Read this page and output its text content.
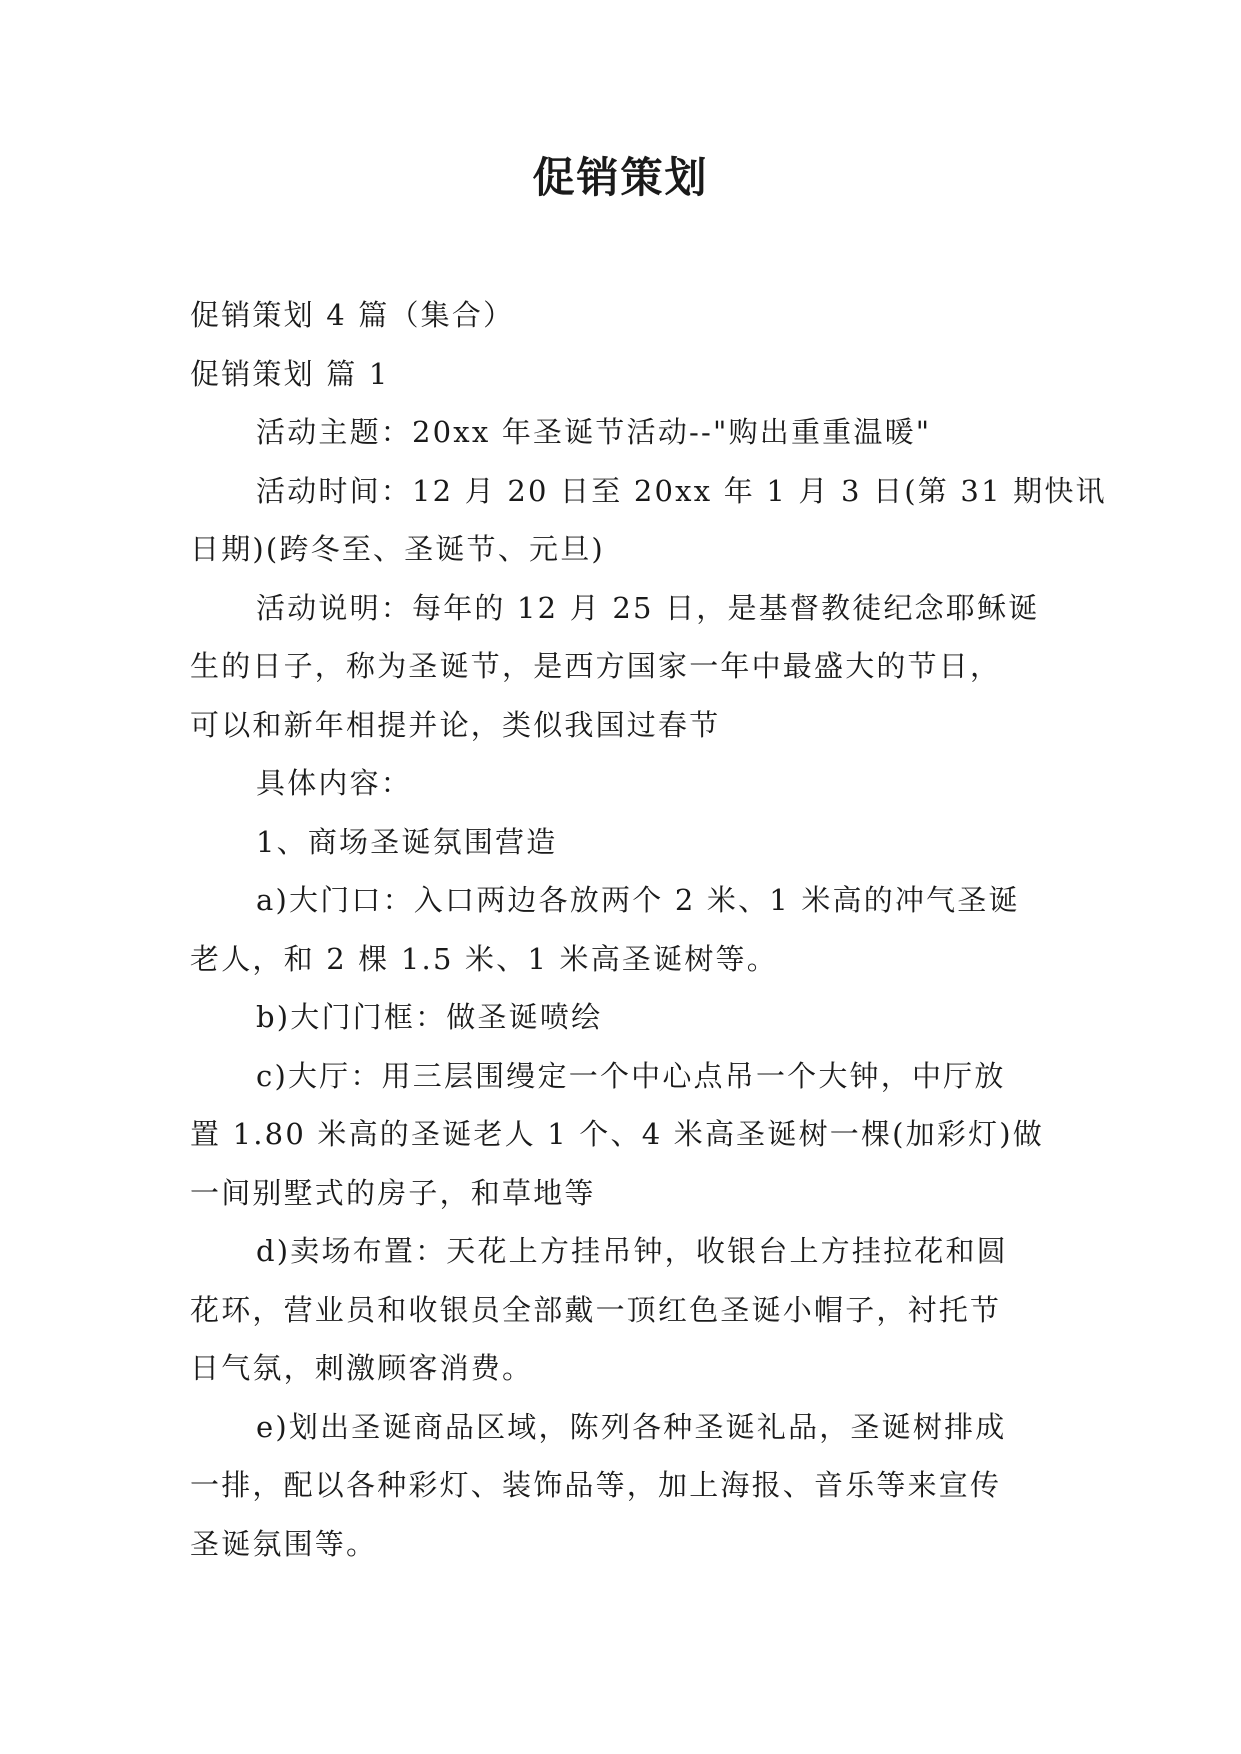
促销策划

促销策划 4 篇（集合）

促销策划 篇 1

活动主题：20xx 年圣诞节活动--"购出重重温暖"

活动时间：12 月 20 日至 20xx 年 1 月 3 日(第 31 期快讯

日期)(跨冬至、圣诞节、元旦)

活动说明：每年的 12 月 25 日，是基督教徒纪念耶稣诞

生的日子，称为圣诞节，是西方国家一年中最盛大的节日，

可以和新年相提并论，类似我国过春节

具体内容：

1、商场圣诞氛围营造

a)大门口：入口两边各放两个 2 米、1 米高的冲气圣诞

老人，和 2 棵 1.5 米、1 米高圣诞树等。

b)大门门框：做圣诞喷绘

c)大厅：用三层围缦定一个中心点吊一个大钟，中厅放

置 1.80 米高的圣诞老人 1 个、4 米高圣诞树一棵(加彩灯)做

一间别墅式的房子，和草地等

d)卖场布置：天花上方挂吊钟，收银台上方挂拉花和圆

花环，营业员和收银员全部戴一顶红色圣诞小帽子，衬托节

日气氛，刺激顾客消费。

e)划出圣诞商品区域，陈列各种圣诞礼品，圣诞树排成

一排，配以各种彩灯、装饰品等，加上海报、音乐等来宣传

圣诞氛围等。
